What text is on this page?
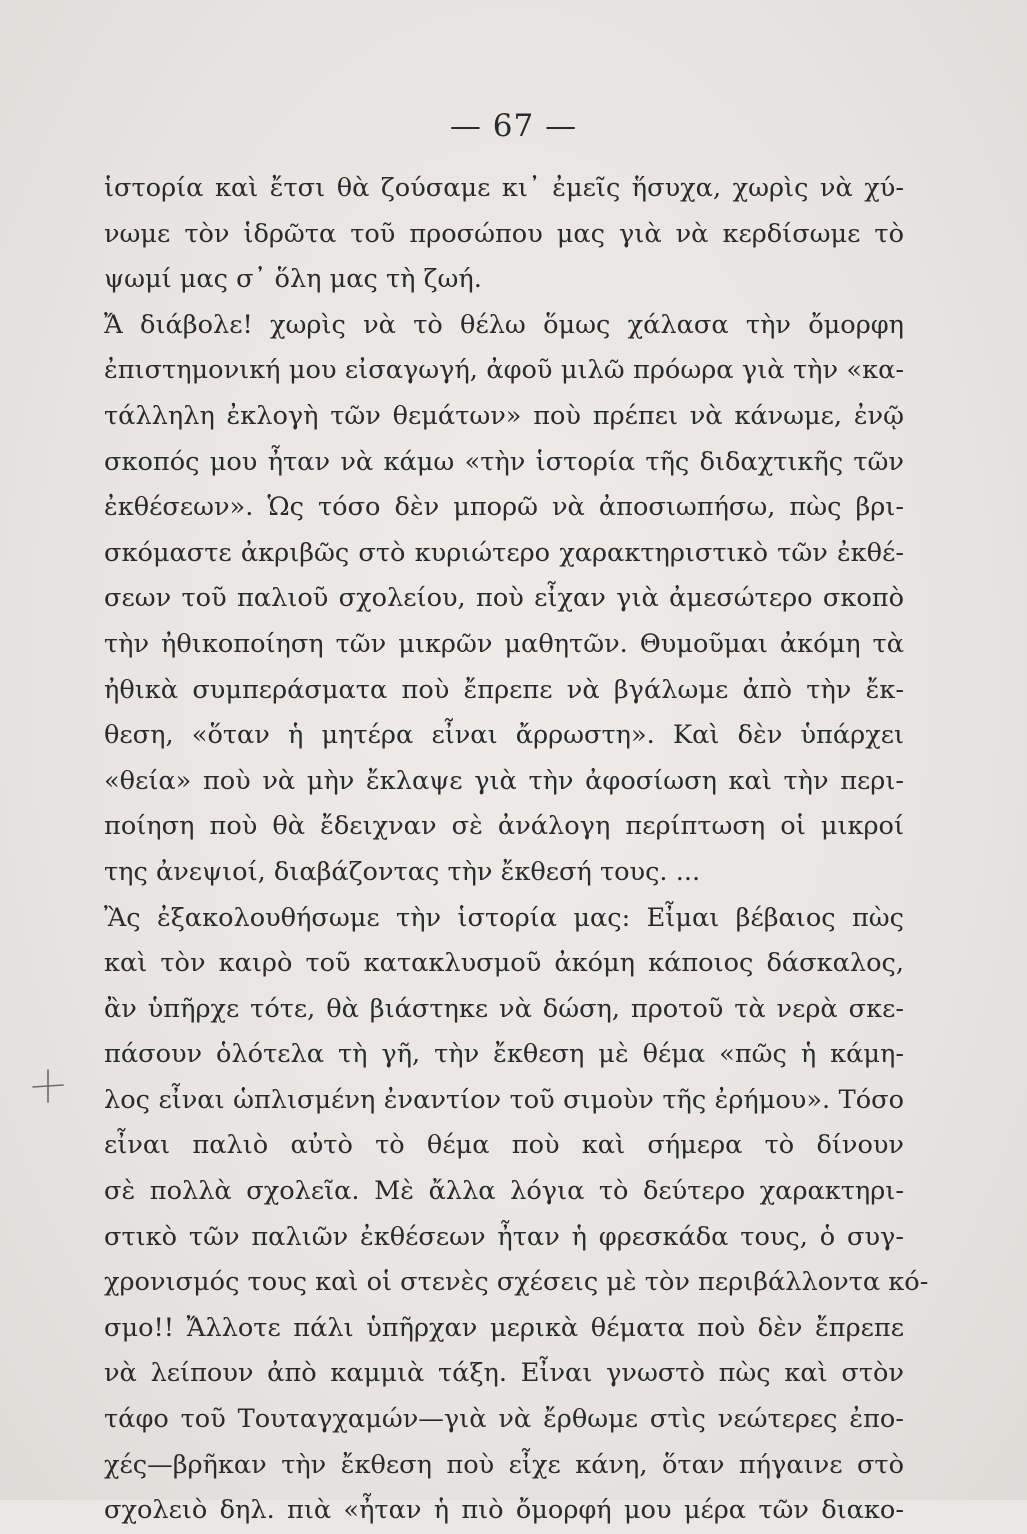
— 67 —
ἱστορία καὶ ἔτσι θὰ ζούσαμε κι᾽ ἐμεῖς ἥσυχα, χωρὶς νὰ χύ-
νωμε τὸν ἱδρῶτα τοῦ προσώπου μας γιὰ νὰ κερδίσωμε τὸ
ψωμί μας σ᾽ ὅλη μας τὴ ζωή.
Ἄ διάβολε! χωρὶς νὰ τὸ θέλω ὅμως χάλασα τὴν ὄμορφη
ἐπιστημονική μου εἰσαγωγή, ἀφοῦ μιλῶ πρόωρα γιὰ τὴν «κα-
τάλληλη ἐκλογὴ τῶν θεμάτων» ποὺ πρέπει νὰ κάνωμε, ἐνῷ
σκοπός μου ἦταν νὰ κάμω «τὴν ἱστορία τῆς διδαχτικῆς τῶν
ἐκθέσεων». Ὡς τόσο δὲν μπορῶ νὰ ἀποσιωπήσω, πὼς βρι-
σκόμαστε ἀκριβῶς στὸ κυριώτερο χαρακτηριστικὸ τῶν ἐκθέ-
σεων τοῦ παλιοῦ σχολείου, ποὺ εἶχαν γιὰ ἀμεσώτερο σκοπὸ
τὴν ἠθικοποίηση τῶν μικρῶν μαθητῶν. Θυμοῦμαι ἀκόμη τὰ
ἠθικὰ συμπεράσματα ποὺ ἔπρεπε νὰ βγάλωμε ἀπὸ τὴν ἔκ-
θεση, «ὅταν ἡ μητέρα εἶναι ἄρρωστη». Καὶ δὲν ὑπάρχει
«θεία» ποὺ νὰ μὴν ἔκλαψε γιὰ τὴν ἀφοσίωση καὶ τὴν περι-
ποίηση ποὺ θὰ ἔδειχναν σὲ ἀνάλογη περίπτωση οἱ μικροί
της ἀνεψιοί, διαβάζοντας τὴν ἔκθεσή τους. ...
Ἂς ἐξακολουθήσωμε τὴν ἱστορία μας: Εἶμαι βέβαιος πὼς
καὶ τὸν καιρὸ τοῦ κατακλυσμοῦ ἀκόμη κάποιος δάσκαλος,
ἂν ὑπῆρχε τότε, θὰ βιάστηκε νὰ δώση, προτοῦ τὰ νερὰ σκε-
πάσουν ὁλότελα τὴ γῆ, τὴν ἔκθεση μὲ θέμα «πῶς ἡ κάμη-
λος εἶναι ὡπλισμένη ἐναντίον τοῦ σιμοὺν τῆς ἐρήμου». Τόσο
εἶναι παλιὸ αὐτὸ τὸ θέμα ποὺ καὶ σήμερα τὸ δίνουν
σὲ πολλὰ σχολεῖα. Μὲ ἄλλα λόγια τὸ δεύτερο χαρακτηρι-
στικὸ τῶν παλιῶν ἐκθέσεων ἦταν ἡ φρεσκάδα τους, ὁ συγ-
χρονισμός τους καὶ οἱ στενὲς σχέσεις μὲ τὸν περιβάλλοντα κό-
σμο!! Ἄλλοτε πάλι ὑπῆρχαν μερικὰ θέματα ποὺ δὲν ἔπρεπε
νὰ λείπουν ἀπὸ καμμιὰ τάξη. Εἶναι γνωστὸ πὼς καὶ στὸν
τάφο τοῦ Τουταγχαμών—γιὰ νὰ ἔρθωμε στὶς νεώτερες ἐπο-
χές—βρῆκαν τὴν ἔκθεση ποὺ εἶχε κάνη, ὅταν πήγαινε στὸ
σχολειὸ δηλ. πιὰ «ἦταν ἡ πιὸ ὄμορφή μου μέρα τῶν διακο-
